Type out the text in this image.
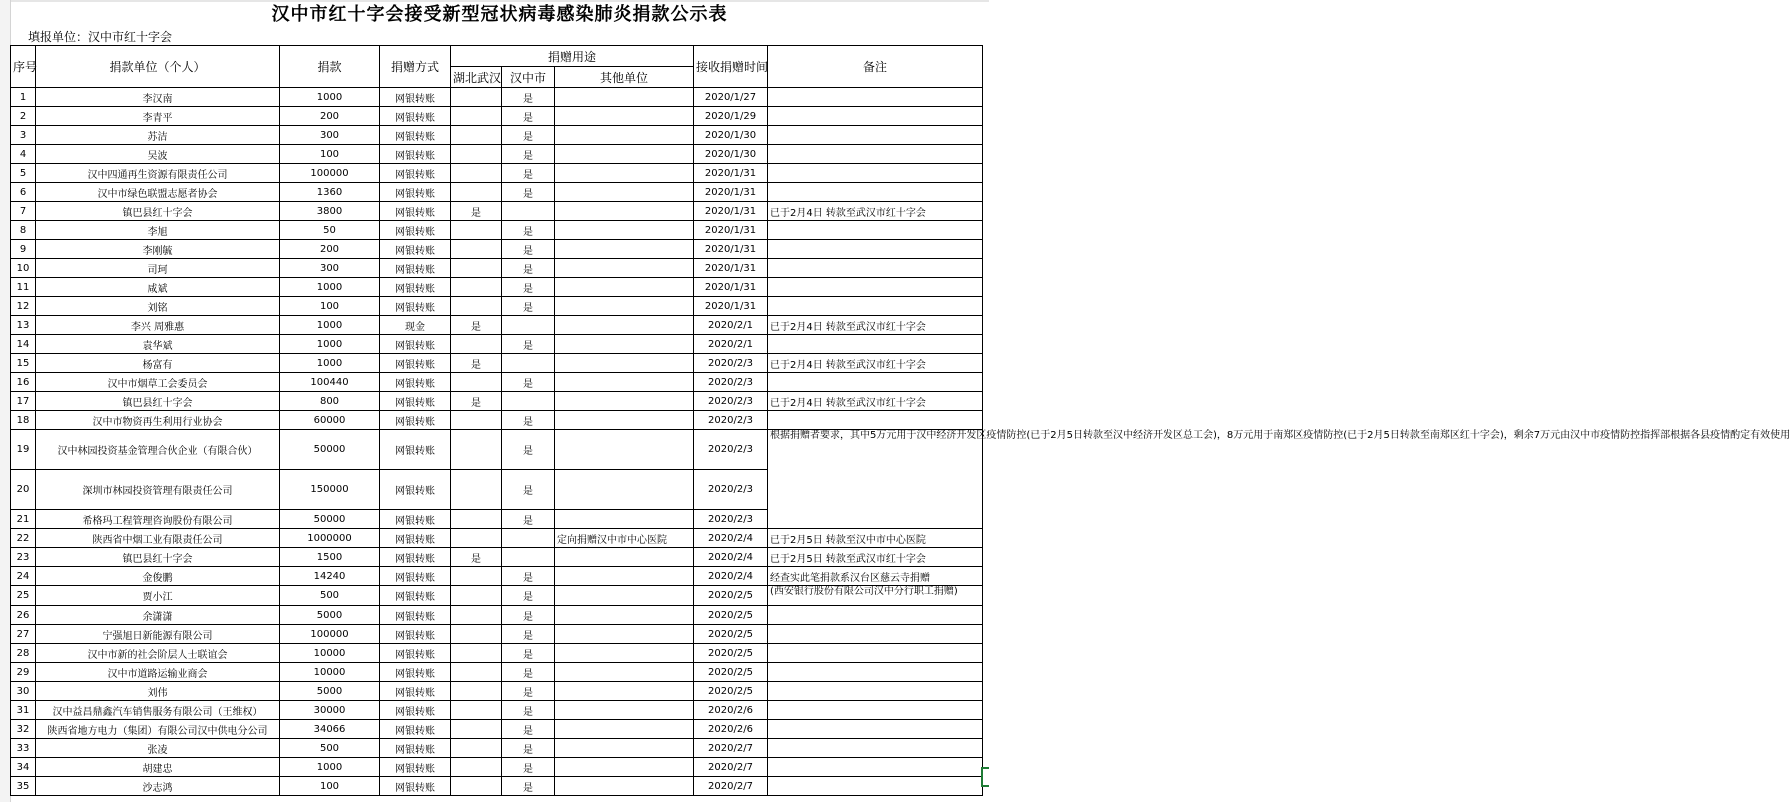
汉中市红十字会接受新型冠状病毒感染肺炎捐款公示表
填报单位：汉中市红十字会
序号	捐款单位（个人）	捐款	捐赠方式	捐赠用途			接收捐赠时间	备注
				湖北武汉	汉中市	其他单位		
1	李汉南	1000	网银转账		是		2020/1/27	
2	李青平	200	网银转账		是		2020/1/29	
3	苏洁	300	网银转账		是		2020/1/30	
4	吴波	100	网银转账		是		2020/1/30	
5	汉中四通再生资源有限责任公司	100000	网银转账		是		2020/1/31	
6	汉中市绿色联盟志愿者协会	1360	网银转账		是		2020/1/31	
7	镇巴县红十字会	3800	网银转账	是			2020/1/31	已于2月4日 转款至武汉市红十字会
8	李旭	50	网银转账		是		2020/1/31	
9	李刚毓	200	网银转账		是		2020/1/31	
10	司珂	300	网银转账		是		2020/1/31	
11	咸斌	1000	网银转账		是		2020/1/31	
12	刘铭	100	网银转账		是		2020/1/31	
13	李兴 周雅惠	1000	现金	是			2020/2/1	已于2月4日 转款至武汉市红十字会
14	袁华斌	1000	网银转账		是		2020/2/1	
15	杨富有	1000	网银转账	是			2020/2/3	已于2月4日 转款至武汉市红十字会
16	汉中市烟草工会委员会	100440	网银转账		是		2020/2/3	
17	镇巴县红十字会	800	网银转账	是			2020/2/3	已于2月4日 转款至武汉市红十字会
18	汉中市物资再生利用行业协会	60000	网银转账		是		2020/2/3	
19	汉中林园投资基金管理合伙企业（有限合伙）	50000	网银转账		是		2020/2/3	根据捐赠者要求，其中5万元用于汉中经济开发区疫情防控(已于2月5日转款至汉中经济开发区总工会)，8万元用于南郑区疫情防控(已于2月5日转款至南郑区红十字会)，剩余7万元由汉中市疫情防控指挥部根据各县疫情酌定有效使用
20	深圳市林园投资管理有限责任公司	150000	网银转账		是		2020/2/3	
21	希格玛工程管理咨询股份有限公司	50000	网银转账		是		2020/2/3	
22	陕西省中烟工业有限责任公司	1000000	网银转账			定向捐赠汉中市中心医院	2020/2/4	已于2月5日 转款至汉中市中心医院
23	镇巴县红十字会	1500	网银转账	是			2020/2/4	已于2月5日 转款至武汉市红十字会
24	金俊鹏	14240	网银转账		是		2020/2/4	经查实此笔捐款系汉台区慈云寺捐赠
25	贾小江	500	网银转账		是		2020/2/5	(西安银行股份有限公司汉中分行职工捐赠)
26	余潇潇	5000	网银转账		是		2020/2/5	
27	宁强旭日新能源有限公司	100000	网银转账		是		2020/2/5	
28	汉中市新的社会阶层人士联谊会	10000	网银转账		是		2020/2/5	
29	汉中市道路运输业商会	10000	网银转账		是		2020/2/5	
30	刘伟	5000	网银转账		是		2020/2/5	
31	汉中益昌鼎鑫汽车销售服务有限公司（王维权）	30000	网银转账		是		2020/2/6	
32	陕西省地方电力（集团）有限公司汉中供电分公司	34066	网银转账		是		2020/2/6	
33	张凌	500	网银转账		是		2020/2/7	
34	胡建忠	1000	网银转账		是		2020/2/7	
35	沙志鸿	100	网银转账		是		2020/2/7	
